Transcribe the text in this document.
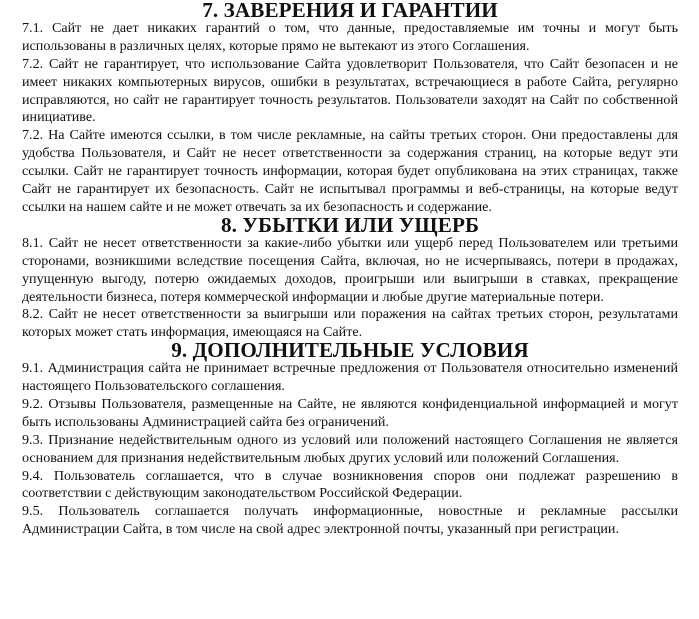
7. ЗАВЕРЕНИЯ И ГАРАНТИИ

7.1. Сайт не дает никаких гарантий о том, что данные, предоставляемые им точны и могут быть использованы в различных целях, которые прямо не вытекают из этого Соглашения.

7.2. Сайт не гарантирует, что использование Сайта удовлетворит Пользователя, что Сайт безопасен и не имеет никаких компьютерных вирусов, ошибки в результатах, встречающиеся в работе Сайта, регулярно исправляются, но сайт не гарантирует точность результатов. Пользователи заходят на Сайт по собственной инициативе.

7.2. На Сайте имеются ссылки, в том числе рекламные, на сайты третьих сторон. Они предоставлены для удобства Пользователя, и Сайт не несет ответственности за содержания страниц, на которые ведут эти ссылки. Сайт не гарантирует точность информации, которая будет опубликована на этих страницах, также Сайт не гарантирует их безопасность. Сайт не испытывал программы и веб-страницы, на которые ведут ссылки на нашем сайте и не может отвечать за их безопасность и содержание.

8. УБЫТКИ ИЛИ УЩЕРБ

8.1. Сайт не несет ответственности за какие-либо убытки или ущерб перед Пользователем или третьими сторонами, возникшими вследствие посещения Сайта, включая, но не исчерпываясь, потери в продажах, упущенную выгоду, потерю ожидаемых доходов, проигрыши или выигрыши в ставках, прекращение деятельности бизнеса, потеря коммерческой информации и любые другие материальные потери.

8.2. Сайт не несет ответственности за выигрыши или поражения на сайтах третьих сторон, результатами которых может стать информация, имеющаяся на Сайте.

9. ДОПОЛНИТЕЛЬНЫЕ УСЛОВИЯ

9.1. Администрация сайта не принимает встречные предложения от Пользователя относительно изменений настоящего Пользовательского соглашения.

9.2. Отзывы Пользователя, размещенные на Сайте, не являются конфиденциальной информацией и могут быть использованы Администрацией сайта без ограничений.

9.3. Признание недействительным одного из условий или положений настоящего Соглашения не является основанием для признания недействительным любых других условий или положений Соглашения.

9.4. Пользователь соглашается, что в случае возникновения споров они подлежат разрешению в соответствии с действующим законодательством Российской Федерации.

9.5. Пользователь соглашается получать информационные, новостные и рекламные рассылки Администрации Сайта, в том числе на свой адрес электронной почты, указанный при регистрации.
